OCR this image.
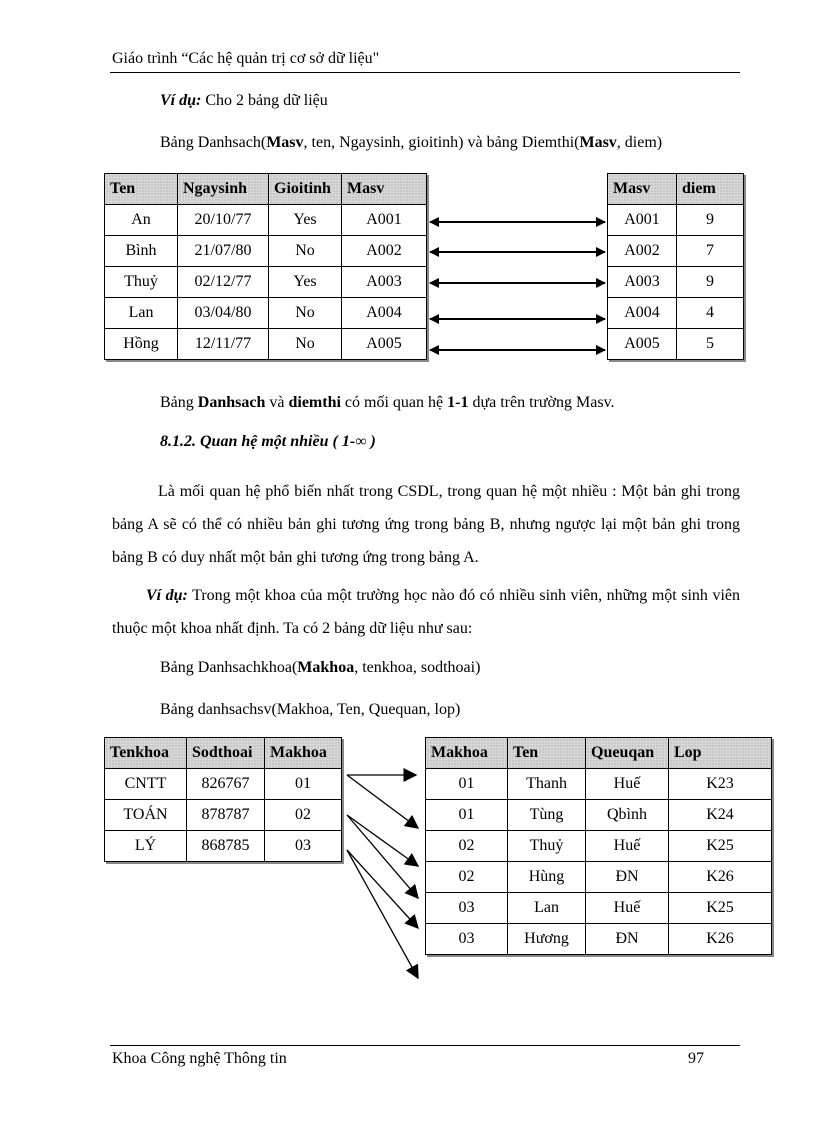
Giáo trình “Các hệ quản trị cơ sở dữ liệu"
Ví dụ: Cho 2 bảng dữ liệu
Bảng Danhsach(Masv, ten, Ngaysinh, gioitinh) và bảng Diemthi(Masv, diem)
Ten	Ngaysinh	Gioitinh	Masv
An	20/10/77	Yes	A001
Bình	21/07/80	No	A002
Thuỷ	02/12/77	Yes	A003
Lan	03/04/80	No	A004
Hồng	12/11/77	No	A005
Masv	diem
A001	9
A002	7
A003	9
A004	4
A005	5
Bảng Danhsach và diemthi có mối quan hệ 1-1 dựa trên trường Masv.
8.1.2. Quan hệ một nhiều ( 1-∞ )
Là mối quan hệ phổ biến nhất trong CSDL, trong quan hệ một nhiều : Một bản ghi trong bảng A sẽ có thể có nhiều bản ghi tương ứng trong bảng B, nhưng ngược lại một bản ghi trong bảng B có duy nhất một bản ghi tương ứng trong bảng A.
Ví dụ: Trong một khoa của một trường học nào đó có nhiều sinh viên, những một sinh viên thuộc một khoa nhất định. Ta có 2 bảng dữ liệu như sau:
Bảng Danhsachkhoa(Makhoa, tenkhoa, sodthoai)
Bảng danhsachsv(Makhoa, Ten, Quequan, lop)
Tenkhoa	Sodthoai	Makhoa
CNTT	826767	01
TOÁN	878787	02
LÝ	868785	03
Makhoa	Ten	Queuqan	Lop
01	Thanh	Huế	K23
01	Tùng	Qbình	K24
02	Thuỷ	Huế	K25
02	Hùng	ĐN	K26
03	Lan	Huế	K25
03	Hương	ĐN	K26
Khoa Công nghệ Thông tin	97
